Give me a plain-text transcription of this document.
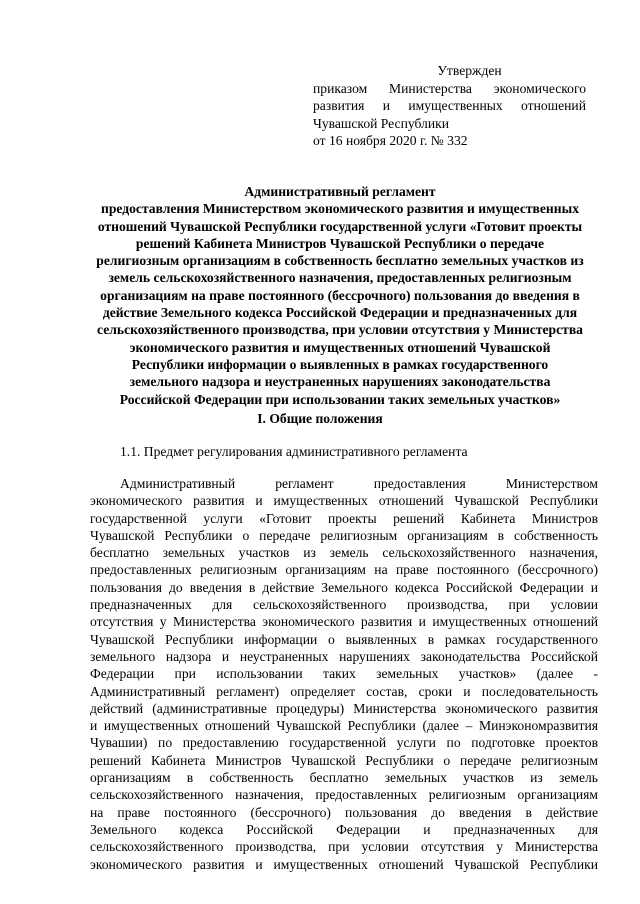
Утвержден
приказом Министерства экономического
развития и имущественных отношений
Чувашской Республики
от 16 ноября 2020 г. № 332
Административный регламент
предоставления Министерством экономического развития и имущественных
отношений Чувашской Республики государственной услуги «Готовит проекты
решений Кабинета Министров Чувашской Республики о передаче
религиозным организациям в собственность бесплатно земельных участков из
земель сельскохозяйственного назначения, предоставленных религиозным
организациям на праве постоянного (бессрочного) пользования до введения в
действие Земельного кодекса Российской Федерации и предназначенных для
сельскохозяйственного производства, при условии отсутствия у Министерства
экономического развития и имущественных отношений Чувашской
Республики информации о выявленных в рамках государственного
земельного надзора и неустраненных нарушениях законодательства
Российской Федерации при использовании таких земельных участков»
I. Общие положения
1.1. Предмет регулирования административного регламента
Административный регламент предоставления Министерством
экономического развития и имущественных отношений Чувашской Республики
государственной услуги «Готовит проекты решений Кабинета Министров
Чувашской Республики о передаче религиозным организациям в собственность
бесплатно земельных участков из земель сельскохозяйственного назначения,
предоставленных религиозным организациям на праве постоянного (бессрочного)
пользования до введения в действие Земельного кодекса Российской Федерации и
предназначенных для сельскохозяйственного производства, при условии
отсутствия у Министерства экономического развития и имущественных отношений
Чувашской Республики информации о выявленных в рамках государственного
земельного надзора и неустраненных нарушениях законодательства Российской
Федерации при использовании таких земельных участков» (далее -
Административный регламент) определяет состав, сроки и последовательность
действий (административные процедуры) Министерства экономического развития
и имущественных отношений Чувашской Республики (далее – Минэкономразвития
Чувашии) по предоставлению государственной услуги по подготовке проектов
решений Кабинета Министров Чувашской Республики о передаче религиозным
организациям в собственность бесплатно земельных участков из земель
сельскохозяйственного назначения, предоставленных религиозным организациям
на праве постоянного (бессрочного) пользования до введения в действие
Земельного кодекса Российской Федерации и предназначенных для
сельскохозяйственного производства, при условии отсутствия у Министерства
экономического развития и имущественных отношений Чувашской Республики
